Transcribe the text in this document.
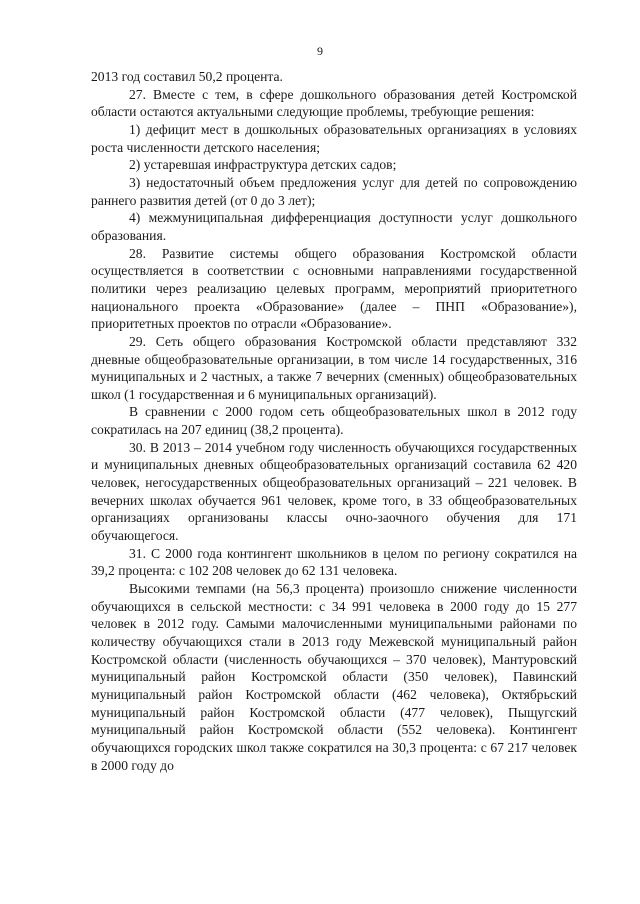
9

2013 год составил 50,2 процента.

27. Вместе с тем, в сфере дошкольного образования детей Костромской области остаются актуальными следующие проблемы, требующие решения:

1) дефицит мест в дошкольных образовательных организациях в условиях роста численности детского населения;

2) устаревшая инфраструктура детских садов;

3) недостаточный объем предложения услуг для детей по сопровождению раннего развития детей (от 0 до 3 лет);

4) межмуниципальная дифференциация доступности услуг дошкольного образования.

28. Развитие системы общего образования Костромской области осуществляется в соответствии с основными направлениями государственной политики через реализацию целевых программ, мероприятий приоритетного национального проекта «Образование» (далее – ПНП «Образование»), приоритетных проектов по отрасли «Образование».

29. Сеть общего образования Костромской области представляют 332 дневные общеобразовательные организации, в том числе 14 государственных, 316 муниципальных и 2 частных, а также 7 вечерних (сменных) общеобразовательных школ (1 государственная и 6 муниципальных организаций).

В сравнении с 2000 годом сеть общеобразовательных школ в 2012 году сократилась на 207 единиц (38,2 процента).

30. В 2013 – 2014 учебном году численность обучающихся государственных и муниципальных дневных общеобразовательных организаций составила 62 420 человек, негосударственных общеобразовательных организаций – 221 человек. В вечерних школах обучается 961 человек, кроме того, в 33 общеобразовательных организациях организованы классы очно-заочного обучения для 171 обучающегося.

31. С 2000 года контингент школьников в целом по региону сократился на 39,2 процента: с 102 208 человек до 62 131 человека.

Высокими темпами (на 56,3 процента) произошло снижение численности обучающихся в сельской местности: с 34 991 человека в 2000 году до 15 277 человек в 2012 году. Самыми малочисленными муниципальными районами по количеству обучающихся стали в 2013 году Межевской муниципальный район Костромской области (численность обучающихся – 370 человек), Мантуровский муниципальный район Костромской области (350 человек), Павинский муниципальный район Костромской области (462 человека), Октябрьский муниципальный район Костромской области (477 человек), Пыщугский муниципальный район Костромской области (552 человека). Контингент обучающихся городских школ также сократился на 30,3 процента: с 67 217 человек в 2000 году до
